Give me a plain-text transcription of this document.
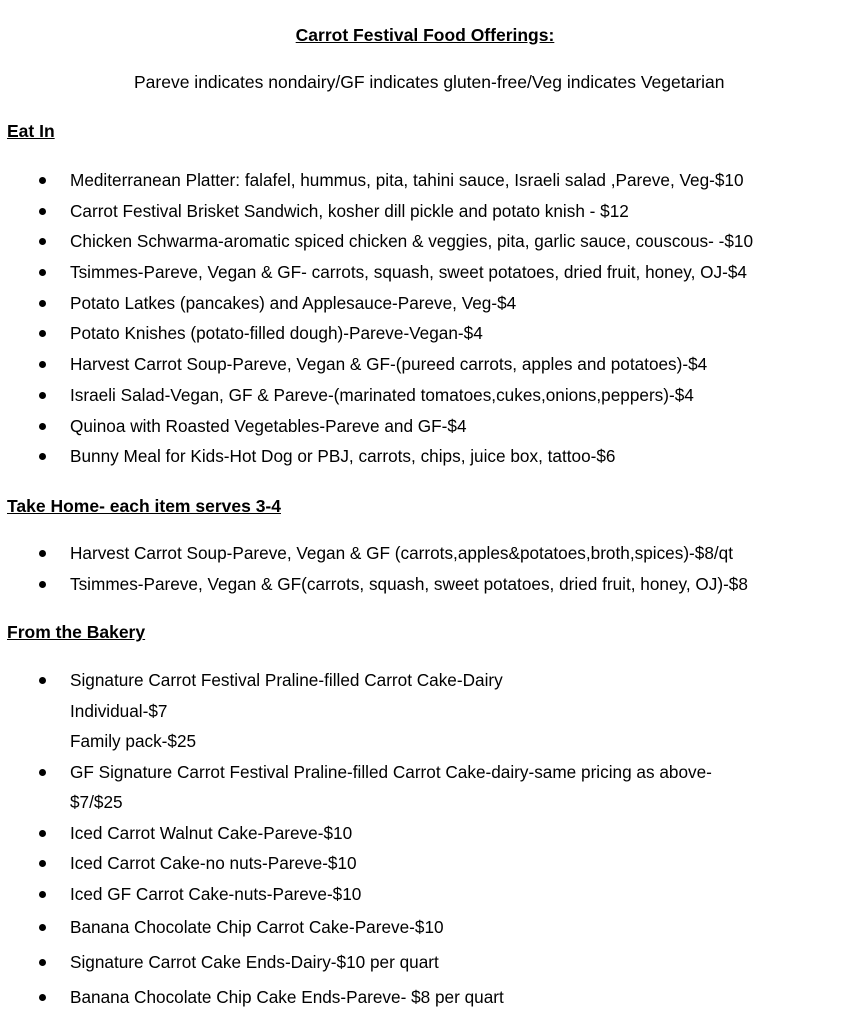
Carrot Festival Food Offerings:
Pareve indicates nondairy/GF indicates gluten-free/Veg indicates Vegetarian
Eat In
Mediterranean Platter: falafel, hummus, pita, tahini sauce, Israeli salad ,Pareve, Veg-$10
Carrot Festival Brisket Sandwich, kosher dill pickle and potato knish - $12
Chicken Schwarma-aromatic spiced chicken & veggies, pita, garlic sauce, couscous- -$10
Tsimmes-Pareve, Vegan & GF- carrots, squash, sweet potatoes, dried fruit, honey, OJ-$4
Potato Latkes (pancakes) and Applesauce-Pareve, Veg-$4
Potato Knishes (potato-filled dough)-Pareve-Vegan-$4
Harvest Carrot Soup-Pareve, Vegan & GF-(pureed carrots, apples and potatoes)-$4
Israeli Salad-Vegan, GF & Pareve-(marinated tomatoes,cukes,onions,peppers)-$4
Quinoa with Roasted Vegetables-Pareve and GF-$4
Bunny Meal for Kids-Hot Dog or PBJ, carrots, chips, juice box, tattoo-$6
Take Home- each item serves 3-4
Harvest Carrot Soup-Pareve, Vegan & GF (carrots,apples&potatoes,broth,spices)-$8/qt
Tsimmes-Pareve, Vegan & GF(carrots, squash, sweet potatoes, dried fruit, honey, OJ)-$8
From the Bakery
Signature Carrot Festival Praline-filled Carrot Cake-Dairy
Individual-$7
Family pack-$25
GF Signature Carrot Festival Praline-filled Carrot Cake-dairy-same pricing as above-
$7/$25
Iced Carrot Walnut Cake-Pareve-$10
Iced Carrot Cake-no nuts-Pareve-$10
Iced GF Carrot Cake-nuts-Pareve-$10
Banana Chocolate Chip Carrot Cake-Pareve-$10
Signature Carrot Cake Ends-Dairy-$10 per quart
Banana Chocolate Chip Cake Ends-Pareve- $8 per quart
